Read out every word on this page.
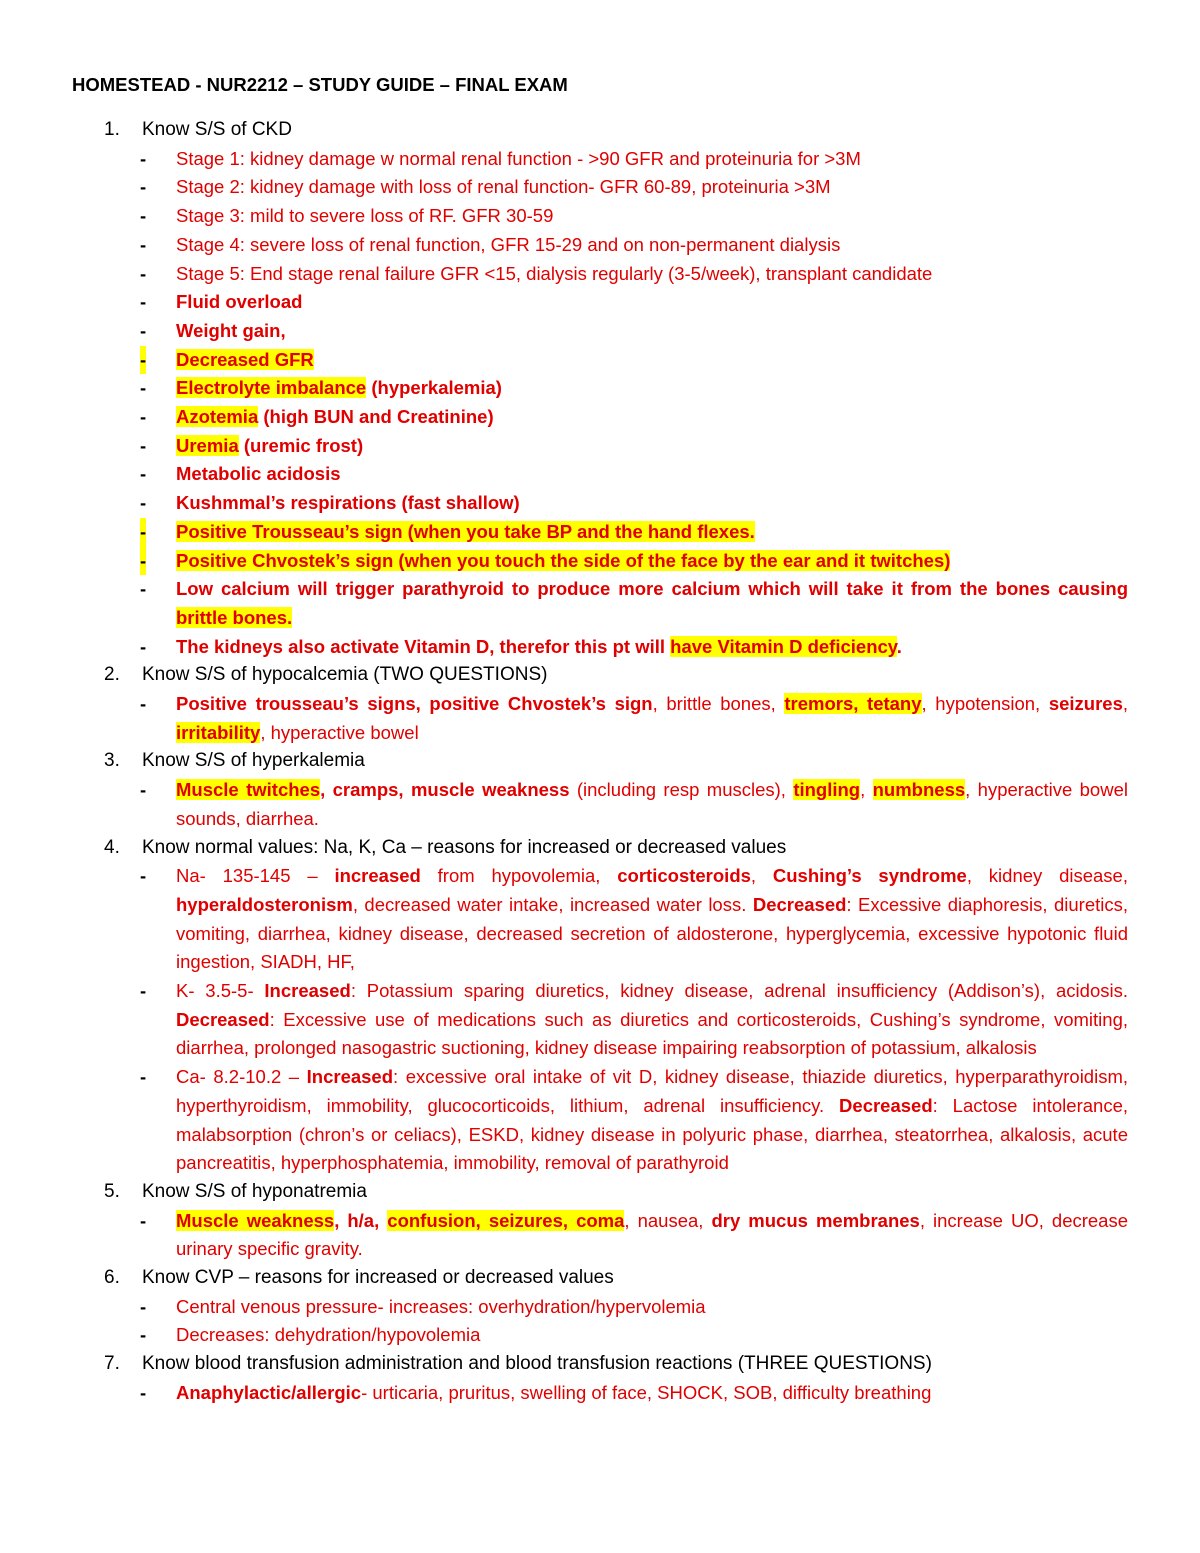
HOMESTEAD - NUR2212 – STUDY GUIDE – FINAL EXAM
1. Know S/S of CKD
- Stage 1: kidney damage w normal renal function - >90 GFR and proteinuria for >3M
- Stage 2: kidney damage with loss of renal function- GFR 60-89, proteinuria >3M
- Stage 3: mild to severe loss of RF. GFR 30-59
- Stage 4: severe loss of renal function, GFR 15-29 and on non-permanent dialysis
- Stage 5: End stage renal failure GFR <15, dialysis regularly (3-5/week), transplant candidate
- Fluid overload
- Weight gain,
- Decreased GFR
- Electrolyte imbalance (hyperkalemia)
- Azotemia (high BUN and Creatinine)
- Uremia (uremic frost)
- Metabolic acidosis
- Kushmmal’s respirations (fast shallow)
- Positive Trousseau’s sign (when you take BP and the hand flexes.
- Positive Chvostek’s sign (when you touch the side of the face by the ear and it twitches)
- Low calcium will trigger parathyroid to produce more calcium which will take it from the bones causing brittle bones.
- The kidneys also activate Vitamin D, therefor this pt will have Vitamin D deficiency.
2. Know S/S of hypocalcemia (TWO QUESTIONS)
- Positive trousseau’s signs, positive Chvostek’s sign, brittle bones, tremors, tetany, hypotension, seizures, irritability, hyperactive bowel
3. Know S/S of hyperkalemia
- Muscle twitches, cramps, muscle weakness (including resp muscles), tingling, numbness, hyperactive bowel sounds, diarrhea.
4. Know normal values: Na, K, Ca – reasons for increased or decreased values
- Na- 135-145 – increased from hypovolemia, corticosteroids, Cushing’s syndrome, kidney disease, hyperaldosteronism, decreased water intake, increased water loss. Decreased: Excessive diaphoresis, diuretics, vomiting, diarrhea, kidney disease, decreased secretion of aldosterone, hyperglycemia, excessive hypotonic fluid ingestion, SIADH, HF,
- K- 3.5-5- Increased: Potassium sparing diuretics, kidney disease, adrenal insufficiency (Addison’s), acidosis. Decreased: Excessive use of medications such as diuretics and corticosteroids, Cushing’s syndrome, vomiting, diarrhea, prolonged nasogastric suctioning, kidney disease impairing reabsorption of potassium, alkalosis
- Ca- 8.2-10.2 – Increased: excessive oral intake of vit D, kidney disease, thiazide diuretics, hyperparathyroidism, hyperthyroidism, immobility, glucocorticoids, lithium, adrenal insufficiency. Decreased: Lactose intolerance, malabsorption (chron’s or celiacs), ESKD, kidney disease in polyuric phase, diarrhea, steatorrhea, alkalosis, acute pancreatitis, hyperphosphatemia, immobility, removal of parathyroid
5. Know S/S of hyponatremia
- Muscle weakness, h/a, confusion, seizures, coma, nausea, dry mucus membranes, increase UO, decrease urinary specific gravity.
6. Know CVP – reasons for increased or decreased values
- Central venous pressure- increases: overhydration/hypervolemia
- Decreases: dehydration/hypovolemia
7. Know blood transfusion administration and blood transfusion reactions (THREE QUESTIONS)
- Anaphylactic/allergic- urticaria, pruritus, swelling of face, SHOCK, SOB, difficulty breathing
